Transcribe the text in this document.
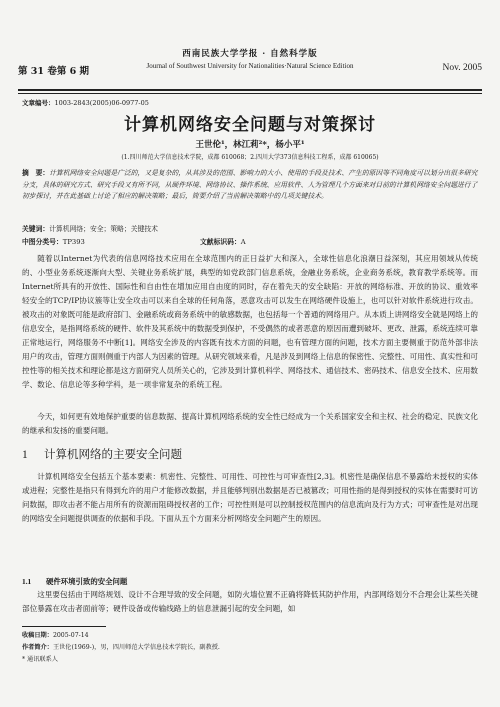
第 31 卷第 6 期
西南民族大学学报 · 自然科学版
Journal of Southwest University for Nationalities·Natural Science Edition	Nov. 2005
文章编号：1003-2843(2005)06-0977-05
计算机网络安全问题与对策探讨
王世伦¹，林江莉²*，杨小平¹
(1.四川师范大学信息技术学院，成都 610068；2.四川大学373信息科技工程系，成都 610065)
摘　要：计算机网络安全问题是广泛的，又是复杂的，从其涉及的范围、影响力的大小、使用的手段及技术、产生的原因等不同角度可以划分出很多研究分支，具体的研究方式、研究手段又有所不同，从硬件环境、网络协议、操作系统、应用软件、人为管理几个方面来对目前的计算机网络安全问题进行了初步探讨，并在此基础上讨论了相应的解决策略；最后，简要介绍了当前解决策略中的几项关键技术。
关键词：计算机网络；安全；策略；关键技术
中图分类号：TP393	文献标识码：A

随着以Internet为代表的信息网络技术应用在全球范围内的正日益扩大和深入，全球性信息化浪潮日益深刻，其应用领域从传统的、小型业务系统逐渐向大型、关键业务系统扩展，典型的如党政部门信息系统，金融业务系统，企业商务系统，教育教学系统等。而Internet所具有的开放性、国际性和自由性在增加应用自由度的同时，存在着先天的安全缺陷：开放的网络标准、开放的协议、重效率轻安全的TCP/IP协议簇等让安全攻击可以来自全球的任何角落，恶意攻击可以发生在网络硬件设施上，也可以针对软件系统进行攻击。被攻击的对象既可能是政府部门、金融系统或商务系统中的敏感数据，也包括每一个普通的网络用户。从本质上讲网络安全就是网络上的信息安全，是指网络系统的硬件、软件及其系统中的数据受到保护，不受偶然的或者恶意的原因而遭到破坏、更改、泄露，系统连续可靠正常地运行，网络服务不中断[1]。网络安全涉及的内容既有技术方面的问题，也有管理方面的问题，技术方面主要侧重于防范外部非法用户的攻击，管理方面则侧重于内部人为因素的管理。从研究领域来看，凡是涉及到网络上信息的保密性、完整性、可用性、真实性和可控性等的相关技术和理论都是这方面研究人员所关心的，它涉及到计算机科学、网络技术、通信技术、密码技术、信息安全技术、应用数学、数论、信息论等多种学科，是一项非常复杂的系统工程。

今天，如何更有效地保护重要的信息数据、提高计算机网络系统的安全性已经成为一个关系国家安全和主权、社会的稳定、民族文化的继承和发扬的重要问题。

1 计算机网络的主要安全问题

计算机网络安全包括五个基本要素：机密性、完整性、可用性、可控性与可审查性[2,3]。机密性是确保信息不暴露给未授权的实体或进程；完整性是指只有得到允许的用户才能修改数据，并且能够判别出数据是否已被篡改；可用性指的是得到授权的实体在需要时可访问数据，即攻击者不能占用所有的资源而阻碍授权者的工作；可控性则是可以控制授权范围内的信息流向及行为方式；可审查性是对出现的网络安全问题提供调查的依据和手段。下面从五个方面来分析网络安全问题产生的原因。

1.1 硬件环境引致的安全问题

这里要包括由于网络规划、设计不合理导致的安全问题，如防火墙位置不正确将降低其防护作用，内部网络划分不合理会让某些关键部位暴露在攻击者面前等；硬件设备或传输线路上的信息泄漏引起的安全问题，如

收稿日期：2005-07-14
作者简介：王世伦(1969-)，男，四川师范大学信息技术学院长，副教授.
* 通讯联系人
